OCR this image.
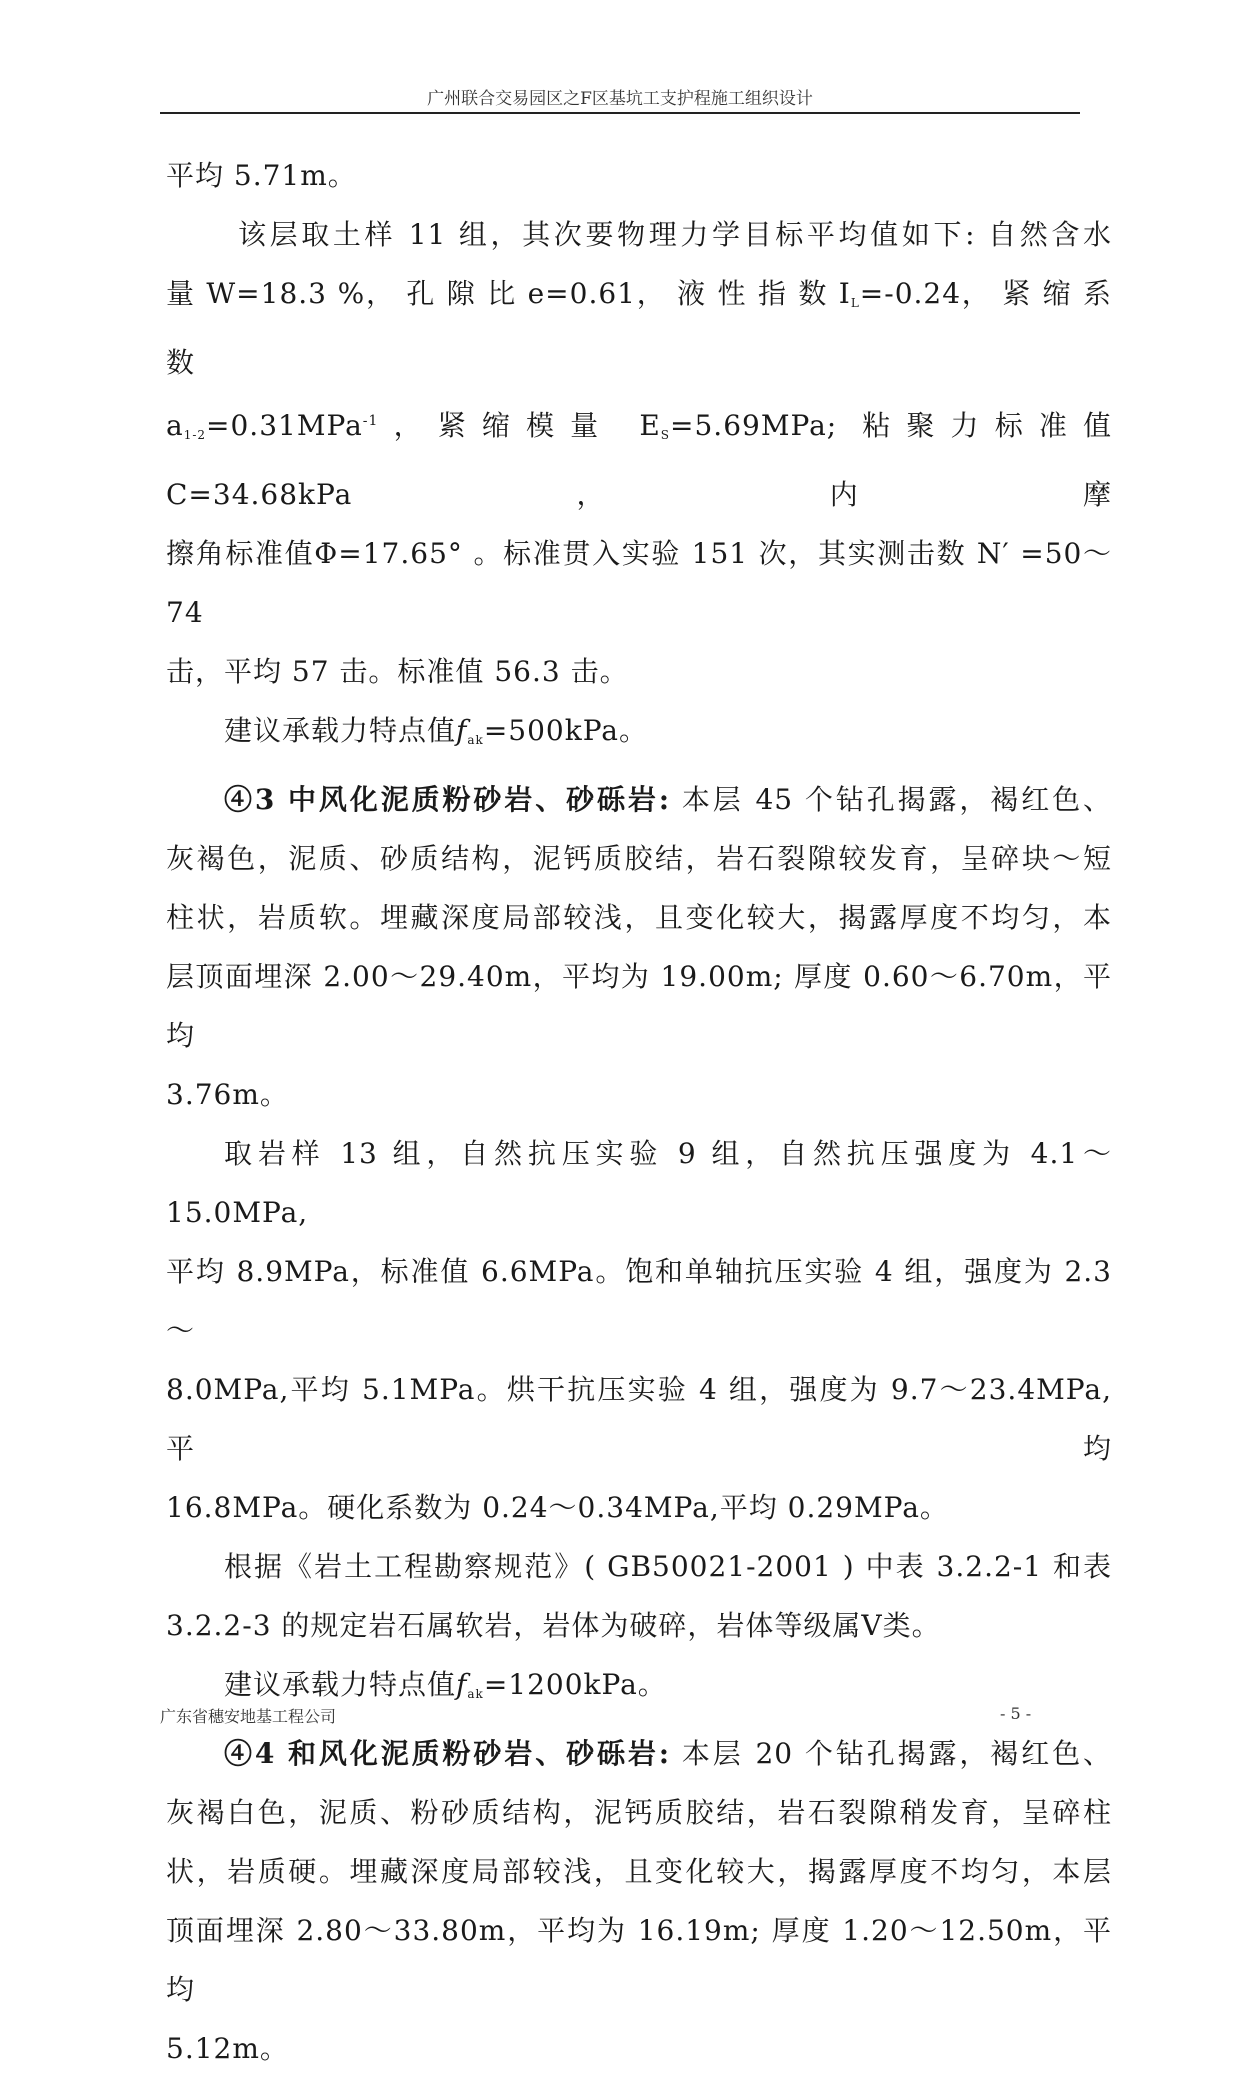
广州联合交易园区之F区基坑工支护程施工组织设计

平均 5.71m。

该层取土样 11 组，其次要物理力学目标平均值如下: 自然含水

量 W=18.3 %， 孔 隙 比 e=0.61， 液 性 指 数 $I_L=-0.24$， 紧 缩 系 数

$a_{1-2}=0.31MPa^{-1}$，紧缩模量 $E_S=5.69MPa$; 粘聚力标准值 C=34.68kPa，内摩

擦角标准值Φ=17.65° 。标准贯入实验 151 次，其实测击数 N′ =50～74

击，平均 57 击。标准值 56.3 击。

建议承载力特点值$f_{ak}=500kPa$。

④3 中风化泥质粉砂岩、砂砾岩: 本层 45 个钻孔揭露，褐红色、

灰褐色，泥质、砂质结构，泥钙质胶结，岩石裂隙较发育，呈碎块～短

柱状，岩质软。埋藏深度局部较浅，且变化较大，揭露厚度不均匀，本

层顶面埋深 2.00～29.40m，平均为 19.00m; 厚度 0.60～6.70m，平均

3.76m。

取岩样 13 组，自然抗压实验 9 组，自然抗压强度为 4.1～15.0MPa,

平均 8.9MPa，标准值 6.6MPa。饱和单轴抗压实验 4 组，强度为 2.3～

8.0MPa,平均 5.1MPa。烘干抗压实验 4 组，强度为 9.7～23.4MPa,平均

16.8MPa。硬化系数为 0.24～0.34MPa,平均 0.29MPa。

根据《岩土工程勘察规范》( GB50021-2001 ) 中表 3.2.2-1 和表

3.2.2-3 的规定岩石属软岩，岩体为破碎，岩体等级属Ⅴ类。

建议承载力特点值$f_{ak}=1200kPa$。

④4 和风化泥质粉砂岩、砂砾岩: 本层 20 个钻孔揭露，褐红色、

灰褐白色，泥质、粉砂质结构，泥钙质胶结，岩石裂隙稍发育，呈碎柱

状，岩质硬。埋藏深度局部较浅，且变化较大，揭露厚度不均匀，本层

顶面埋深 2.80～33.80m，平均为 16.19m; 厚度 1.20～12.50m，平均

5.12m。

广东省穗安地基工程公司	- 5 -
